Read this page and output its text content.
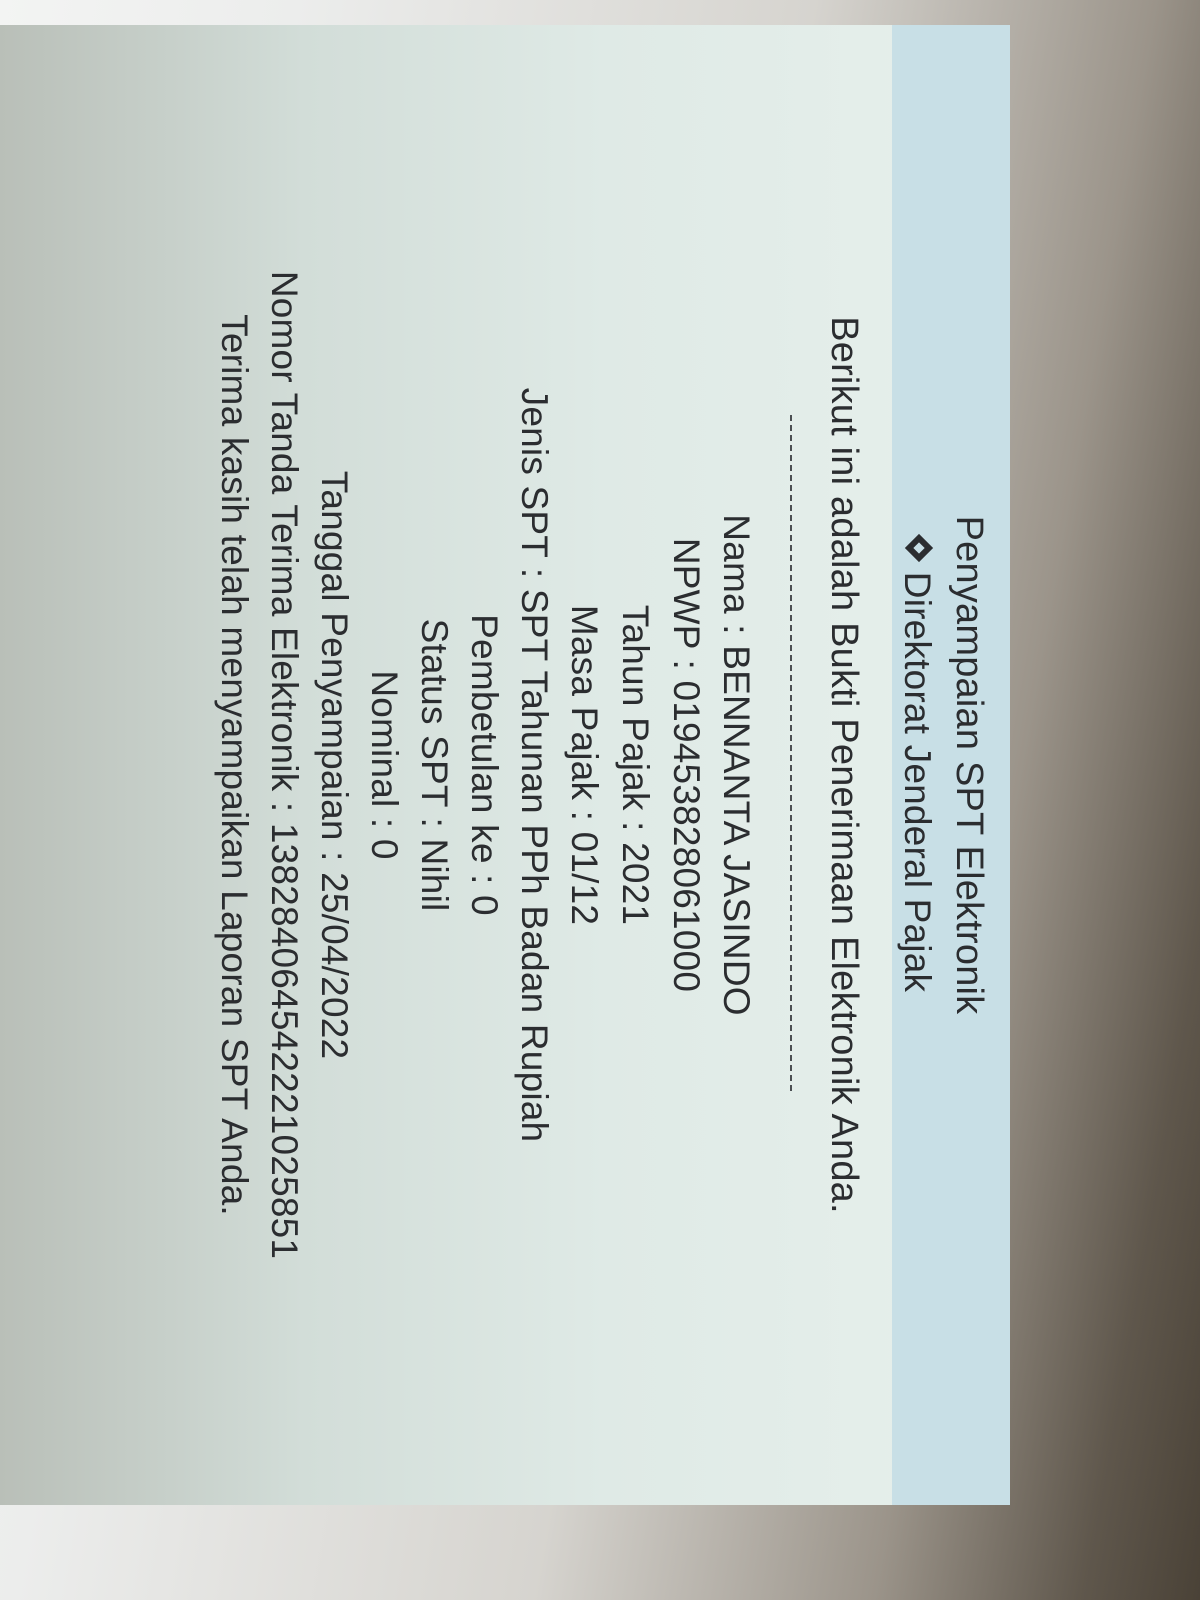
Penyampaian SPT Elektronik
Direktorat Jenderal Pajak
Berikut ini adalah Bukti Penerimaan Elektronik Anda.
Nama : BENNANTA JASINDO
NPWP : 019453828061000
Tahun Pajak : 2021
Masa Pajak : 01/12
Jenis SPT : SPT Tahunan PPh Badan Rupiah
Pembetulan ke : 0
Status SPT : Nihil
Nominal : 0
Tanggal Penyampaian : 25/04/2022
Nomor Tanda Terima Elektronik : 138284064542221025851
Terima kasih telah menyampaikan Laporan SPT Anda.
